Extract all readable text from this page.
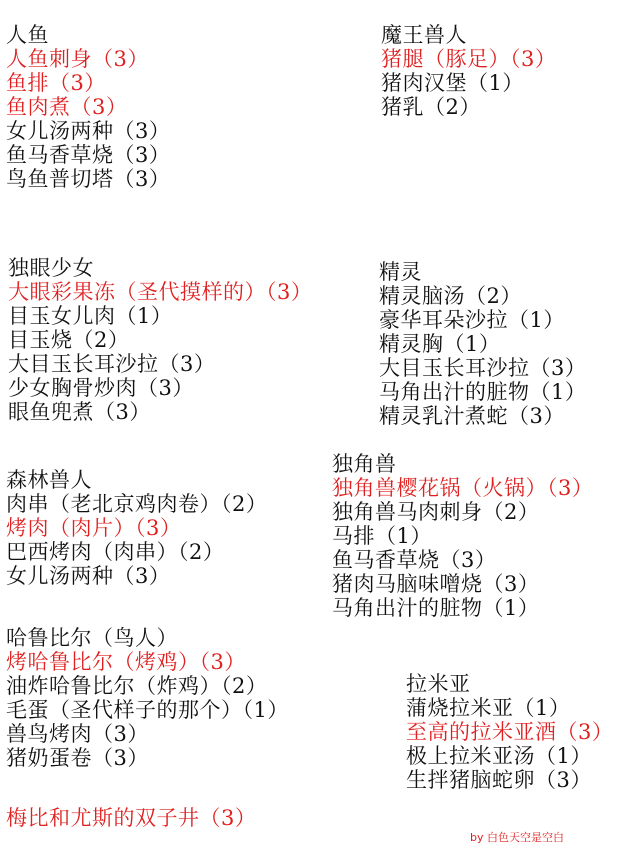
人鱼
人鱼刺身（3）
鱼排（3）
鱼肉煮（3）
女儿汤两种（3）
鱼马香草烧（3）
鸟鱼普切塔（3）
魔王兽人
猪腿（豚足）（3）
猪肉汉堡（1）
猪乳（2）
独眼少女
大眼彩果冻（圣代摸样的）（3）
目玉女儿肉（1）
目玉烧（2）
大目玉长耳沙拉（3）
少女胸骨炒肉（3）
眼鱼兜煮（3）
精灵
精灵脑汤（2）
豪华耳朵沙拉（1）
精灵胸（1）
大目玉长耳沙拉（3）
马角出汁的脏物（1）
精灵乳汁煮蛇（3）
森林兽人
肉串（老北京鸡肉卷）（2）
烤肉（肉片）（3）
巴西烤肉（肉串）（2）
女儿汤两种（3）
独角兽
独角兽樱花锅（火锅）（3）
独角兽马肉刺身（2）
马排（1）
鱼马香草烧（3）
猪肉马脑味噌烧（3）
马角出汁的脏物（1）
哈鲁比尔（鸟人）
烤哈鲁比尔（烤鸡）（3）
油炸哈鲁比尔（炸鸡）（2）
毛蛋（圣代样子的那个）（1）
兽鸟烤肉（3）
猪奶蛋卷（3）
拉米亚
蒲烧拉米亚（1）
至高的拉米亚酒（3）
极上拉米亚汤（1）
生拌猪脑蛇卵（3）
梅比和尤斯的双子井（3）
by 白色天空是空白
